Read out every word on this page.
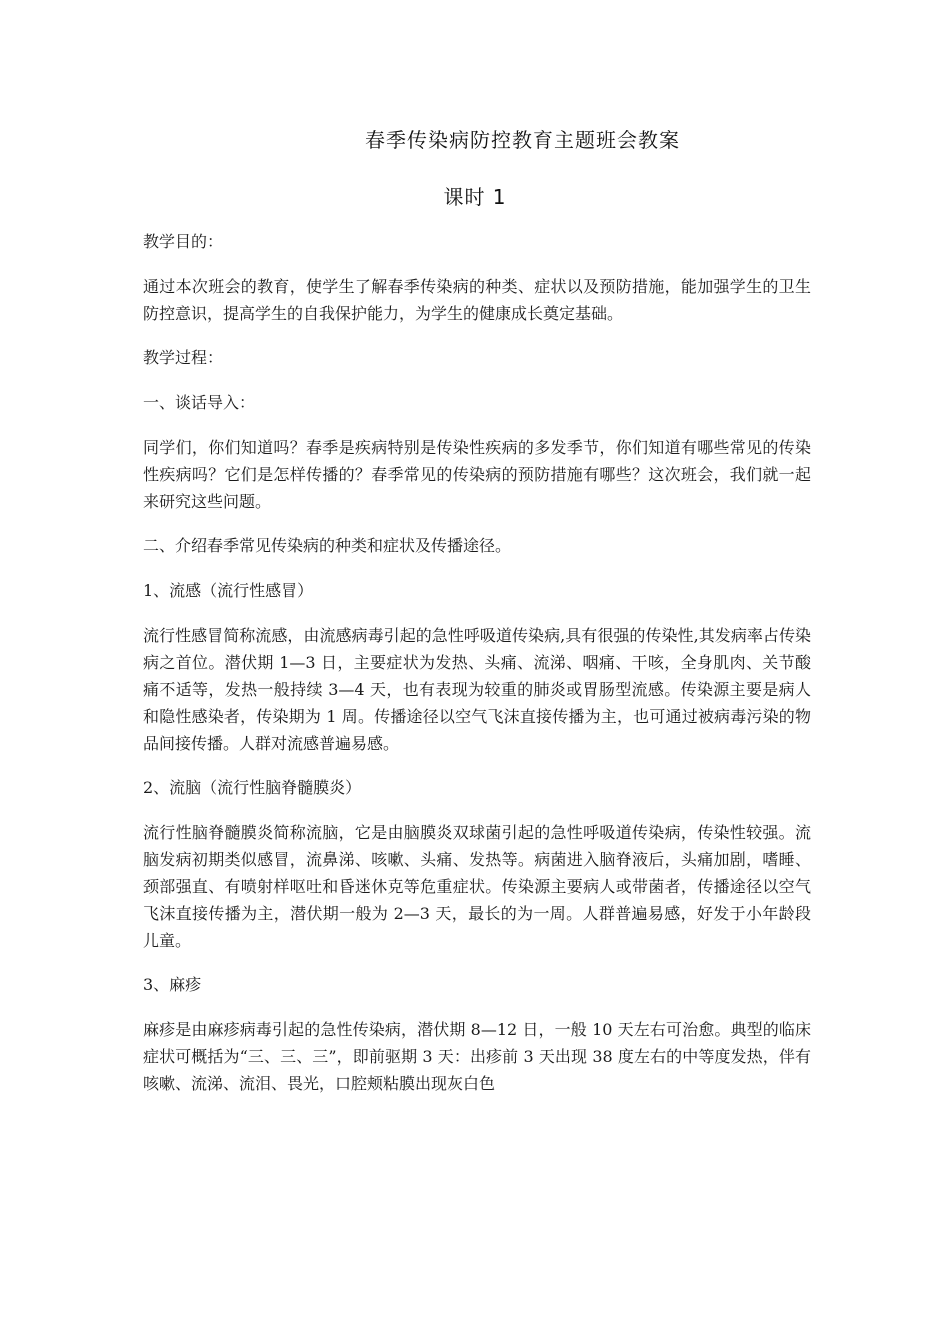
春季传染病防控教育主题班会教案
课时 1

教学目的：

通过本次班会的教育，使学生了解春季传染病的种类、症状以及预防措施，能加强学生的卫生防控意识，提高学生的自我保护能力，为学生的健康成长奠定基础。

教学过程：

一、谈话导入：

同学们，你们知道吗？春季是疾病特别是传染性疾病的多发季节，你们知道有哪些常见的传染性疾病吗？它们是怎样传播的？春季常见的传染病的预防措施有哪些？这次班会，我们就一起来研究这些问题。

二、介绍春季常见传染病的种类和症状及传播途径。

1、流感（流行性感冒）

流行性感冒简称流感，由流感病毒引起的急性呼吸道传染病,具有很强的传染性,其发病率占传染病之首位。潜伏期 1—3 日，主要症状为发热、头痛、流涕、咽痛、干咳，全身肌肉、关节酸痛不适等，发热一般持续 3—4 天，也有表现为较重的肺炎或胃肠型流感。传染源主要是病人和隐性感染者，传染期为 1 周。传播途径以空气飞沫直接传播为主，也可通过被病毒污染的物品间接传播。人群对流感普遍易感。

2、流脑（流行性脑脊髓膜炎）

流行性脑脊髓膜炎简称流脑，它是由脑膜炎双球菌引起的急性呼吸道传染病，传染性较强。流脑发病初期类似感冒，流鼻涕、咳嗽、头痛、发热等。病菌进入脑脊液后，头痛加剧，嗜睡、颈部强直、有喷射样呕吐和昏迷休克等危重症状。传染源主要病人或带菌者，传播途径以空气飞沫直接传播为主，潜伏期一般为 2—3 天，最长的为一周。人群普遍易感，好发于小年龄段儿童。

3、麻疹

麻疹是由麻疹病毒引起的急性传染病，潜伏期 8—12 日，一般 10 天左右可治愈。典型的临床症状可概括为“三、三、三”，即前驱期 3 天：出疹前 3 天出现 38 度左右的中等度发热，伴有咳嗽、流涕、流泪、畏光，口腔颊粘膜出现灰白色
